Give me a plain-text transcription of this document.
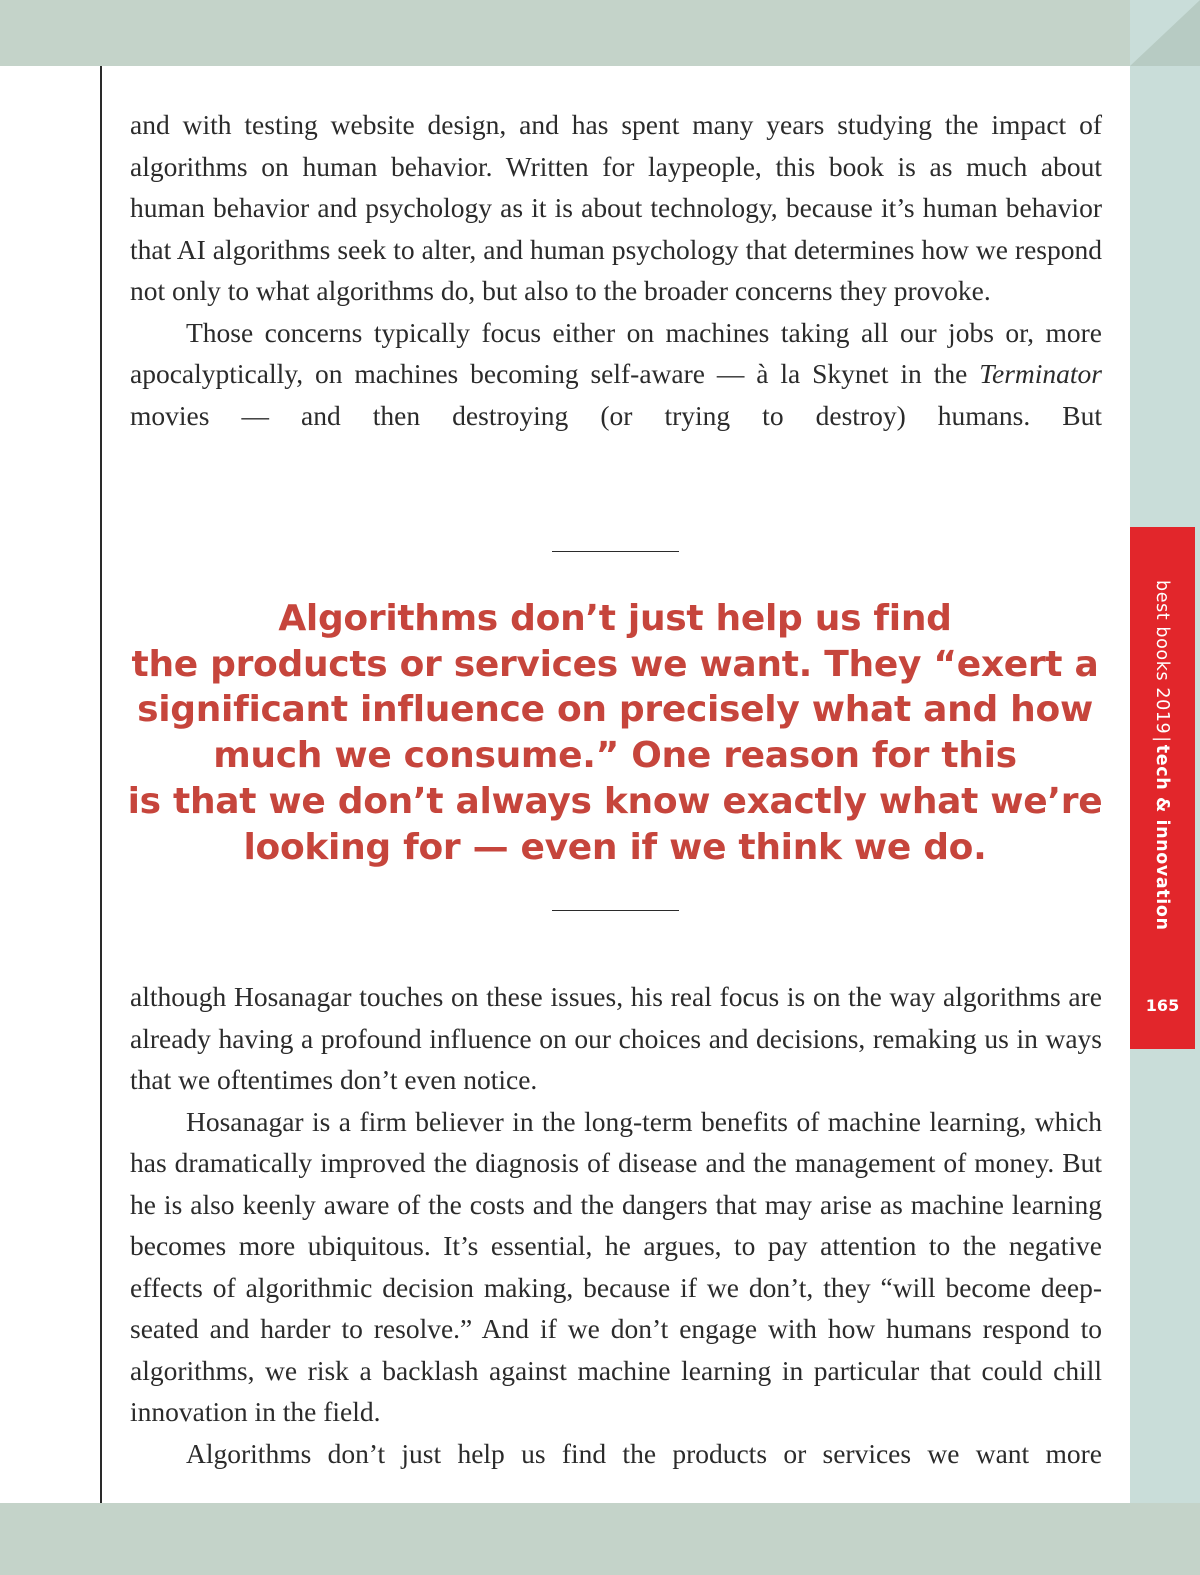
and with testing website design, and has spent many years studying the impact of algorithms on human behavior. Written for laypeople, this book is as much about human behavior and psychology as it is about technology, because it’s human behavior that AI algorithms seek to alter, and human psychology that determines how we respond not only to what algorithms do, but also to the broader concerns they provoke.

Those concerns typically focus either on machines taking all our jobs or, more apocalyptically, on machines becoming self-aware — à la Skynet in the Terminator movies — and then destroying (or trying to destroy) humans. But

Algorithms don’t just help us find
the products or services we want. They “exert a
significant influence on precisely what and how
much we consume.” One reason for this
is that we don’t always know exactly what we’re
looking for — even if we think we do.

although Hosanagar touches on these issues, his real focus is on the way algorithms are already having a profound influence on our choices and decisions, remaking us in ways that we oftentimes don’t even notice.

Hosanagar is a firm believer in the long-term benefits of machine learning, which has dramatically improved the diagnosis of disease and the management of money. But he is also keenly aware of the costs and the dangers that may arise as machine learning becomes more ubiquitous. It’s essential, he argues, to pay attention to the negative effects of algorithmic decision making, because if we don’t, they “will become deep-seated and harder to resolve.” And if we don’t engage with how humans respond to algorithms, we risk a backlash against machine learning in particular that could chill innovation in the field.

Algorithms don’t just help us find the products or services we want more

best books 2019|tech & innovation
165
